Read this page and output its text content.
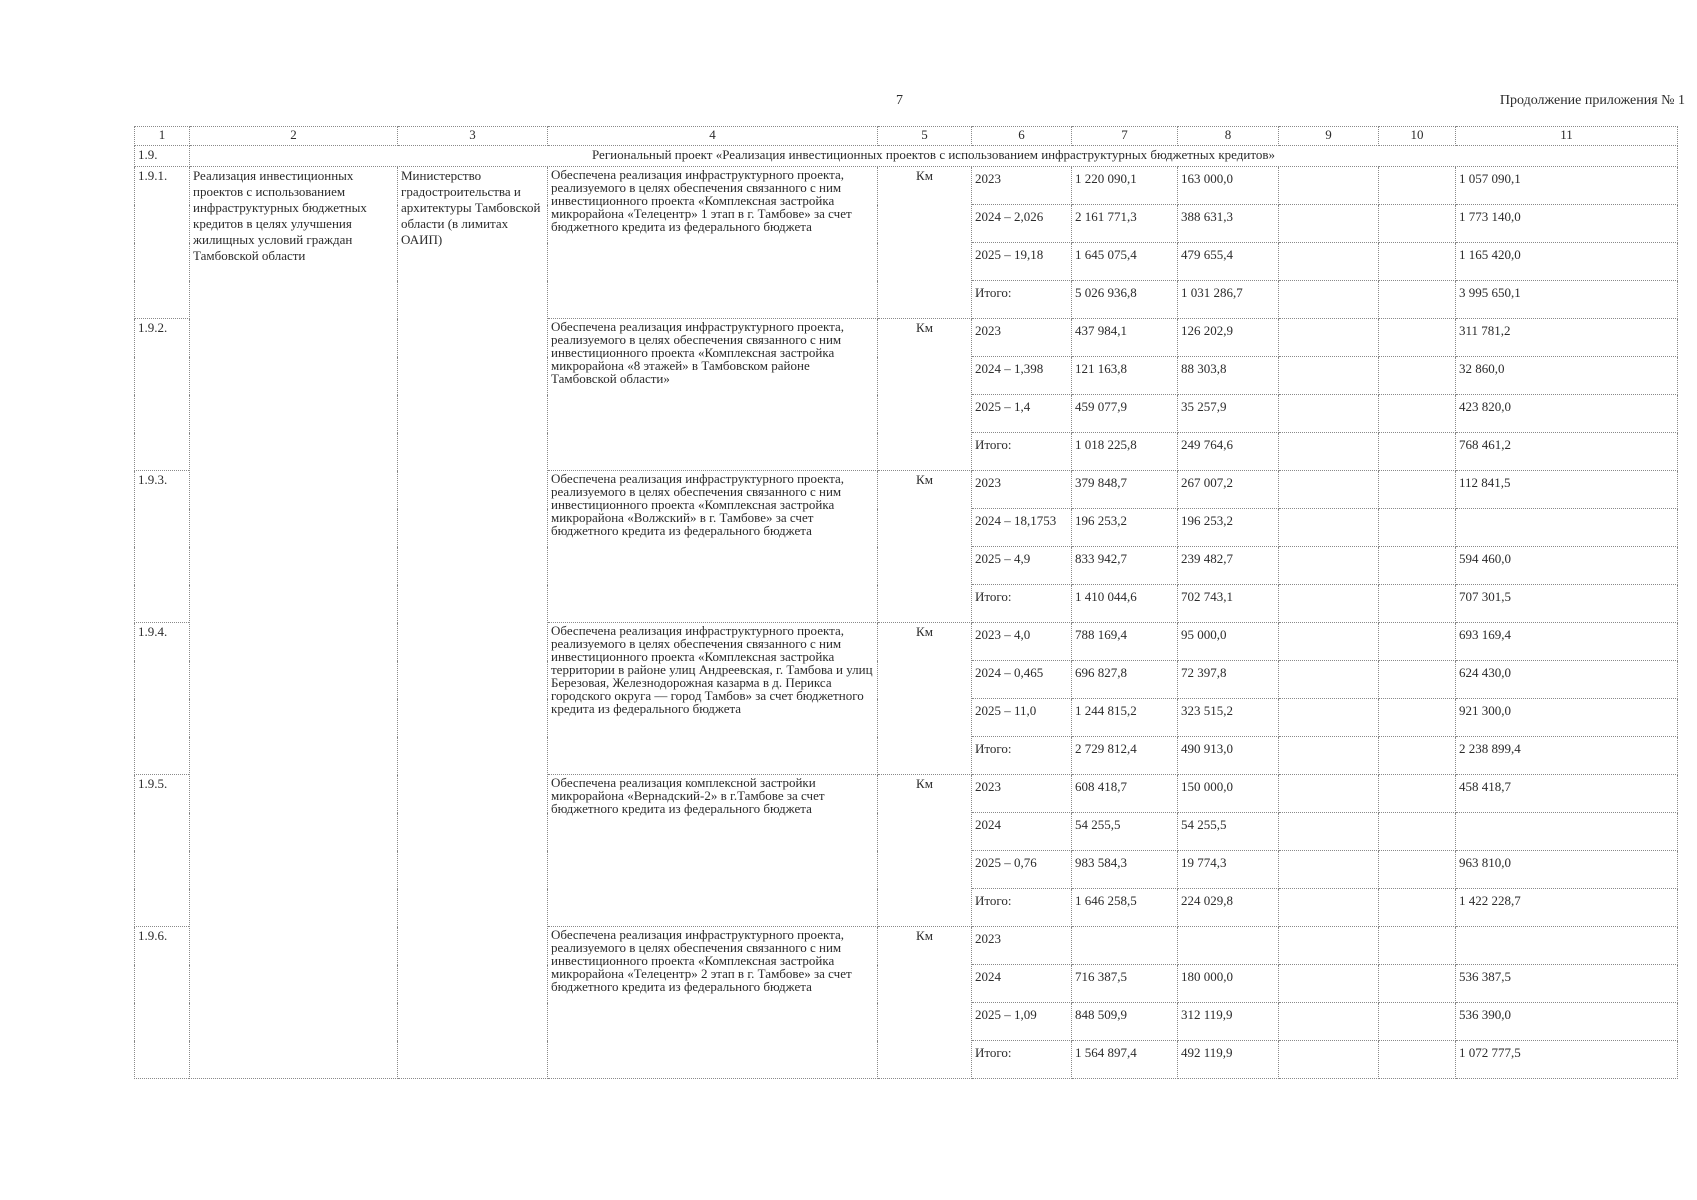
7	Продолжение приложения № 1
1	2	3	4	5	6	7	8	9	10	11
1.9.	Региональный проект «Реализация инвестиционных проектов с использованием инфраструктурных бюджетных кредитов»									
1.9.1.	Реализация инвестиционных проектов с использованием инфраструктурных бюджетных кредитов в целях улучшения жилищных условий граждан Тамбовской области	Министерство градостроительства и архитектуры Тамбовской области (в лимитах ОАИП)	Обеспечена реализация инфраструктурного проекта, реализуемого в целях обеспечения связанного с ним инвестиционного проекта «Комплексная застройка микрорайона «Телецентр» 1 этап в г. Тамбове» за счет бюджетного кредита из федерального бюджета	Км	2023	1 220 090,1	163 000,0			1 057 090,1
					2024 – 2,026	2 161 771,3	388 631,3			1 773 140,0
					2025 – 19,18	1 645 075,4	479 655,4			1 165 420,0
					Итого:	5 026 936,8	1 031 286,7			3 995 650,1
1.9.2.			Обеспечена реализация инфраструктурного проекта, реализуемого в целях обеспечения связанного с ним инвестиционного проекта «Комплексная застройка микрорайона «8 этажей» в Тамбовском районе Тамбовской области»	Км	2023	437 984,1	126 202,9			311 781,2
					2024 – 1,398	121 163,8	88 303,8			32 860,0
					2025 – 1,4	459 077,9	35 257,9			423 820,0
					Итого:	1 018 225,8	249 764,6			768 461,2
1.9.3.			Обеспечена реализация инфраструктурного проекта, реализуемого в целях обеспечения связанного с ним инвестиционного проекта «Комплексная застройка микрорайона «Волжский» в г. Тамбове» за счет бюджетного кредита из федерального бюджета	Км	2023	379 848,7	267 007,2			112 841,5
					2024 – 18,1753	196 253,2	196 253,2			
					2025 – 4,9	833 942,7	239 482,7			594 460,0
					Итого:	1 410 044,6	702 743,1			707 301,5
1.9.4.			Обеспечена реализация инфраструктурного проекта, реализуемого в целях обеспечения связанного с ним инвестиционного проекта «Комплексная застройка территории в районе улиц Андреевская, г. Тамбова и улиц Березовая, Железнодорожная казарма в д. Перикса городского округа — город Тамбов» за счет бюджетного кредита из федерального бюджета	Км	2023 – 4,0	788 169,4	95 000,0			693 169,4
					2024 – 0,465	696 827,8	72 397,8			624 430,0
					2025 – 11,0	1 244 815,2	323 515,2			921 300,0
					Итого:	2 729 812,4	490 913,0			2 238 899,4
1.9.5.			Обеспечена реализация комплексной застройки микрорайона «Вернадский-2» в г.Тамбове за счет бюджетного кредита из федерального бюджета	Км	2023	608 418,7	150 000,0			458 418,7
					2024	54 255,5	54 255,5			
					2025 – 0,76	983 584,3	19 774,3			963 810,0
					Итого:	1 646 258,5	224 029,8			1 422 228,7
1.9.6.			Обеспечена реализация инфраструктурного проекта, реализуемого в целях обеспечения связанного с ним инвестиционного проекта «Комплексная застройка микрорайона «Телецентр» 2 этап в г. Тамбове» за счет бюджетного кредита из федерального бюджета	Км	2023					
					2024	716 387,5	180 000,0			536 387,5
					2025 – 1,09	848 509,9	312 119,9			536 390,0
					Итого:	1 564 897,4	492 119,9			1 072 777,5
